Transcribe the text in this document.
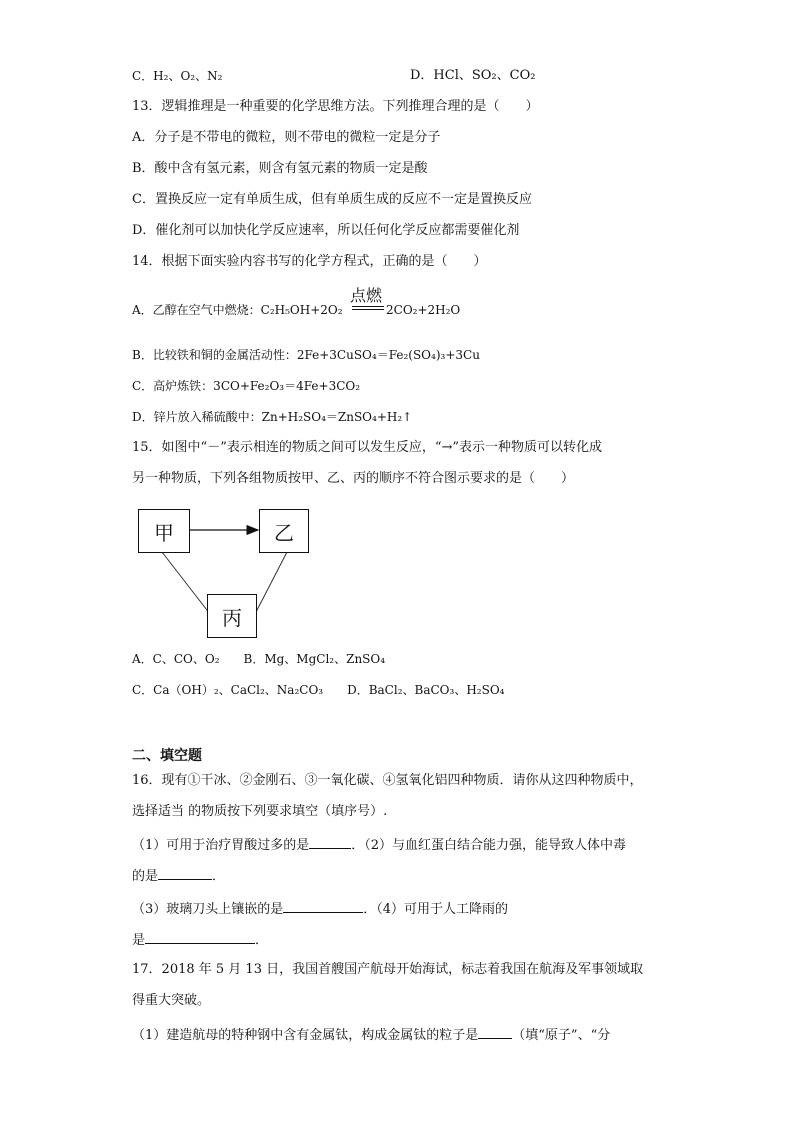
C．H₂、O₂、N₂	D．HCl、SO₂、CO₂
13．逻辑推理是一种重要的化学思维方法。下列推理合理的是（　　）
A．分子是不带电的微粒，则不带电的微粒一定是分子
B．酸中含有氢元素，则含有氢元素的物质一定是酸
C．置换反应一定有单质生成，但有单质生成的反应不一定是置换反应
D．催化剂可以加快化学反应速率，所以任何化学反应都需要催化剂
14．根据下面实验内容书写的化学方程式，正确的是（　　）
点燃
A．乙醇在空气中燃烧：C₂H₅OH+2O₂	2CO₂+2H₂O
B．比较铁和铜的金属活动性：2Fe+3CuSO₄＝Fe₂(SO₄)₃+3Cu
C．高炉炼铁：3CO+Fe₂O₃＝4Fe+3CO₂
D．锌片放入稀硫酸中：Zn+H₂SO₄＝ZnSO₄+H₂↑
15．如图中“－”表示相连的物质之间可以发生反应，“→”表示一种物质可以转化成
另一种物质，下列各组物质按甲、乙、丙的顺序不符合图示要求的是（　　）
甲	乙
丙
A．C、CO、O₂　　B．Mg、MgCl₂、ZnSO₄
C．Ca（OH）₂、CaCl₂、Na₂CO₃　　D．BaCl₂、BaCO₃、H₂SO₄
二、填空题
16．现有①干冰、②金刚石、③一氧化碳、④氢氧化铝四种物质．请你从这四种物质中，
选择适当 的物质按下列要求填空（填序号）.
（1）可用于治疗胃酸过多的是	．（2）与血红蛋白结合能力强，能导致人体中毒
的是	．
（3）玻璃刀头上镶嵌的是	．（4）可用于人工降雨的
是	．
17．2018 年 5 月 13 日，我国首艘国产航母开始海试，标志着我国在航海及军事领域取
得重大突破。
（1）建造航母的特种钢中含有金属钛，构成金属钛的粒子是	（填“原子”、“分
